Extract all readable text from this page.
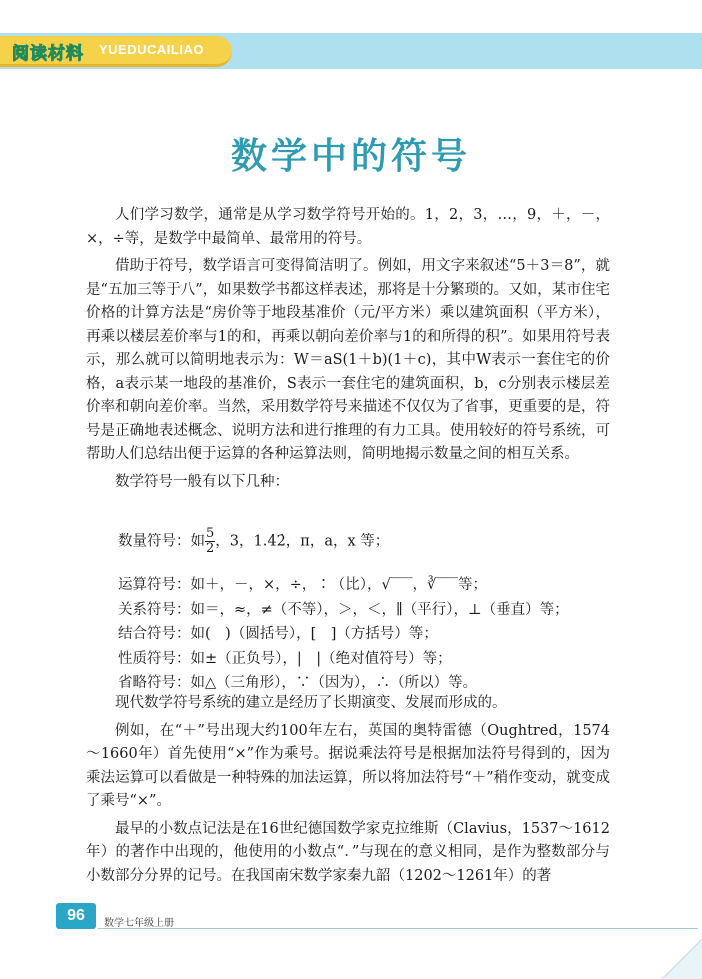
阅读材料 YUEDUCAILIAO
数学中的符号

人们学习数学，通常是从学习数学符号开始的。1，2，3，…，9，＋，－，×，÷等，是数学中最简单、最常用的符号。

借助于符号，数学语言可变得简洁明了。例如，用文字来叙述“5＋3＝8”，就是“五加三等于八”，如果数学书都这样表述，那将是十分繁琐的。又如，某市住宅价格的计算方法是“房价等于地段基准价（元/平方米）乘以建筑面积（平方米），再乘以楼层差价率与1的和，再乘以朝向差价率与1的和所得的积”。如果用符号表示，那么就可以简明地表示为：W＝aS(1＋b)(1＋c)，其中W表示一套住宅的价格，a表示某一地段的基准价，S表示一套住宅的建筑面积，b，c分别表示楼层差价率和朝向差价率。当然，采用数学符号来描述不仅仅为了省事，更重要的是，符号是正确地表述概念、说明方法和进行推理的有力工具。使用较好的符号系统，可帮助人们总结出便于运算的各种运算法则，简明地揭示数量之间的相互关系。

数学符号一般有以下几种：

数量符号：如 $\frac{5}{2}$ ，3，1.4̇2̇，π，a，x 等；
运算符号：如＋，－，×，÷，∶（比），√‾‾‾，∛‾‾‾等；
关系符号：如＝，≈，≠（不等），＞，＜，∥（平行），⊥（垂直）等；
结合符号：如(　)（圆括号），[　]（方括号）等；
性质符号：如±（正负号），|　|（绝对值符号）等；
省略符号：如△（三角形），∵（因为），∴（所以）等。

现代数学符号系统的建立是经历了长期演变、发展而形成的。

例如，在“＋”号出现大约100年左右，英国的奥特雷德（Oughtred，1574～1660年）首先使用“×”作为乘号。据说乘法符号是根据加法符号得到的，因为乘法运算可以看做是一种特殊的加法运算，所以将加法符号“＋”稍作变动，就变成了乘号“×”。

最早的小数点记法是在16世纪德国数学家克拉维斯（Clavius，1537～1612年）的著作中出现的，他使用的小数点“．”与现在的意义相同，是作为整数部分与小数部分分界的记号。在我国南宋数学家秦九韶（1202～1261年）的著

96	数学七年级上册
